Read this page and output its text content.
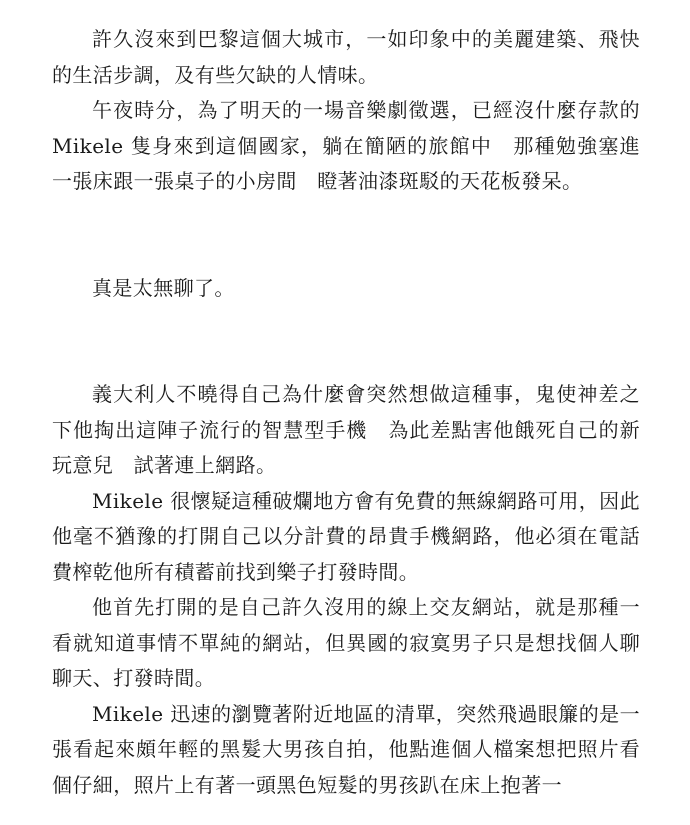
許久沒來到巴黎這個大城市，一如印象中的美麗建築、飛快的生活步調，及有些欠缺的人情味。

午夜時分，為了明天的一場音樂劇徵選，已經沒什麼存款的 Mikele 隻身來到這個國家，躺在簡陋的旅館中　那種勉強塞進一張床跟一張桌子的小房間　瞪著油漆斑駁的天花板發呆。

真是太無聊了。

義大利人不曉得自己為什麼會突然想做這種事，鬼使神差之下他掏出這陣子流行的智慧型手機　為此差點害他餓死自己的新玩意兒　試著連上網路。

Mikele 很懷疑這種破爛地方會有免費的無線網路可用，因此他毫不猶豫的打開自己以分計費的昂貴手機網路，他必須在電話費榨乾他所有積蓄前找到樂子打發時間。

他首先打開的是自己許久沒用的線上交友網站，就是那種一看就知道事情不單純的網站，但異國的寂寞男子只是想找個人聊聊天、打發時間。

Mikele 迅速的瀏覽著附近地區的清單，突然飛過眼簾的是一張看起來頗年輕的黑髮大男孩自拍，他點進個人檔案想把照片看個仔細，照片上有著一頭黑色短髮的男孩趴在床上抱著一
